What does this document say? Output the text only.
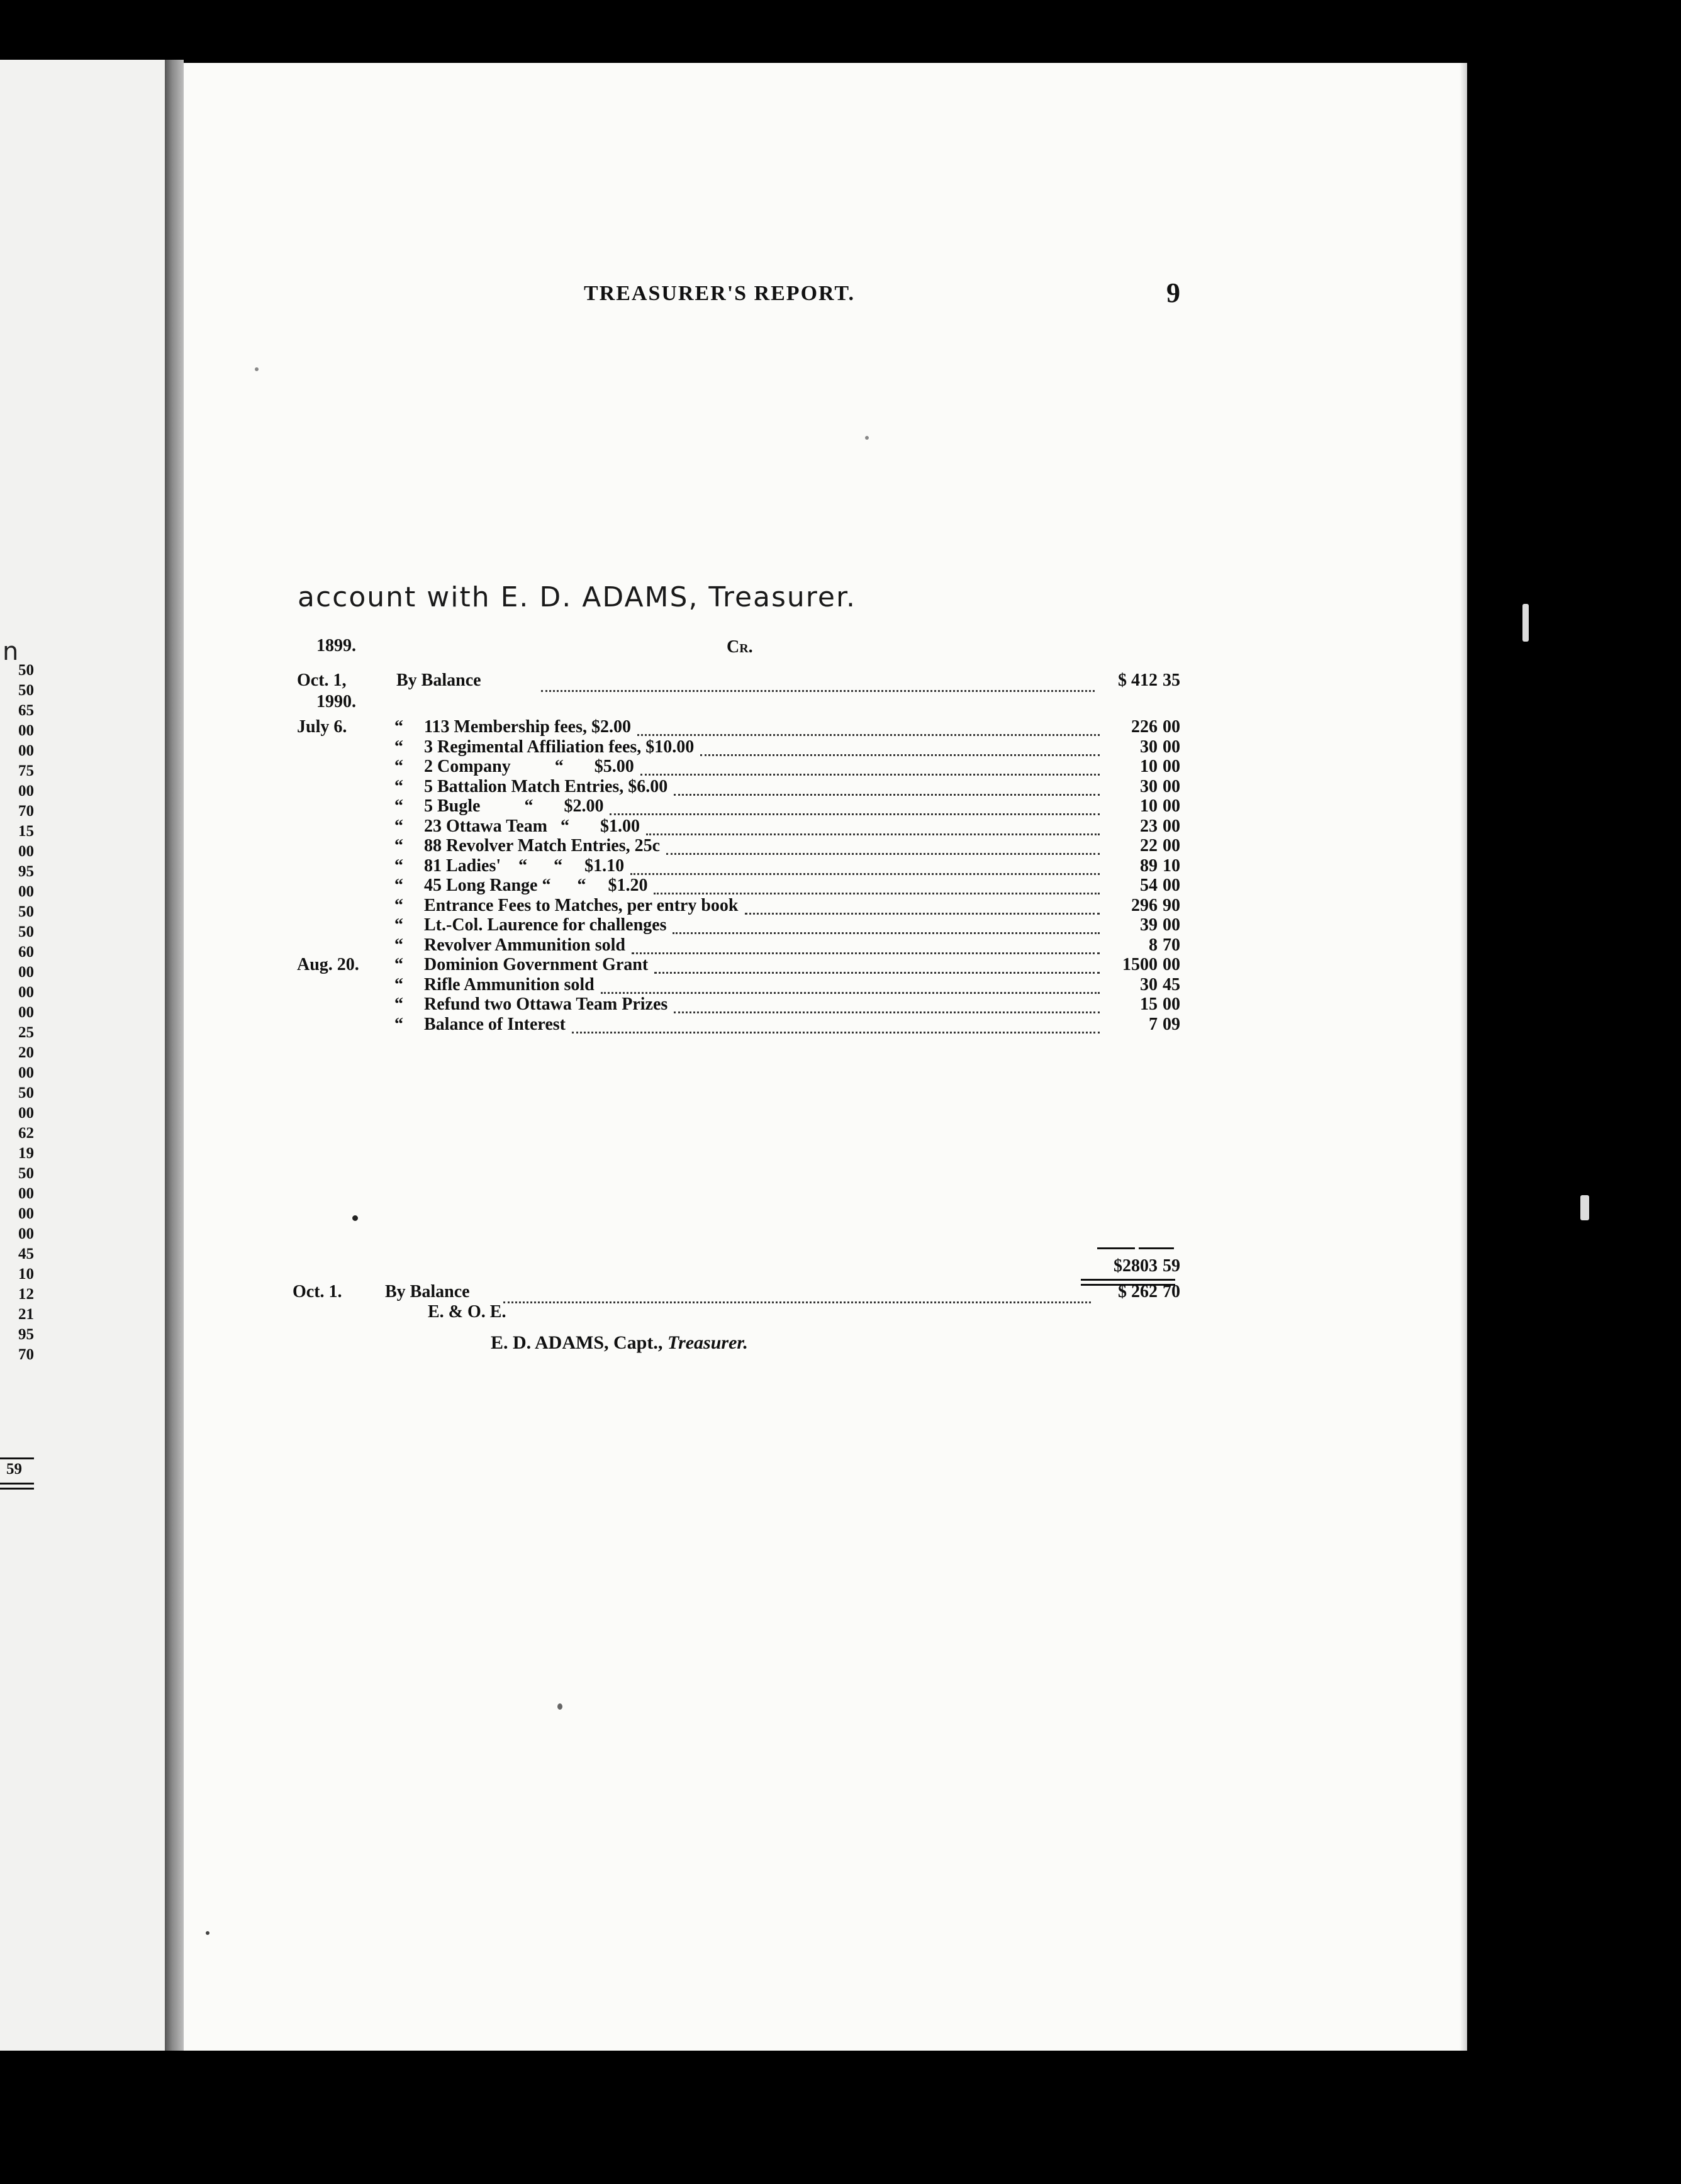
n
50
50
65
00
00
75
00
70
15
00
95
00
50
50
60
00
00
00
25
20
00
50
00
62
19
50
00
00
00
45
10
12
21
95
70
59
TREASURER'S REPORT.	9
account with E. D. ADAMS, Treasurer.
1899.	Cr.
Oct. 1,	By Balance	$ 412 35
1990.
July 6.	“ 113 Membership fees, $2.00	226 00
“ 3 Regimental Affiliation fees, $10.00	30 00
“ 2 Company          “       $5.00	10 00
“ 5 Battalion Match Entries, $6.00	30 00
“ 5 Bugle          “       $2.00	10 00
“ 23 Ottawa Team   “       $1.00	23 00
“ 88 Revolver Match Entries, 25c	22 00
“ 81 Ladies'    “      “     $1.10	89 10
“ 45 Long Range “      “     $1.20	54 00
“ Entrance Fees to Matches, per entry book	296 90
“ Lt.-Col. Laurence for challenges	39 00
“ Revolver Ammunition sold	8 70
Aug. 20. “ Dominion Government Grant	1500 00
“ Rifle Ammunition sold	30 45
“ Refund two Ottawa Team Prizes	15 00
“ Balance of Interest	7 09
$2803 59
Oct. 1. By Balance	$ 262 70
E. & O. E.
E. D. ADAMS, Capt., Treasurer.
